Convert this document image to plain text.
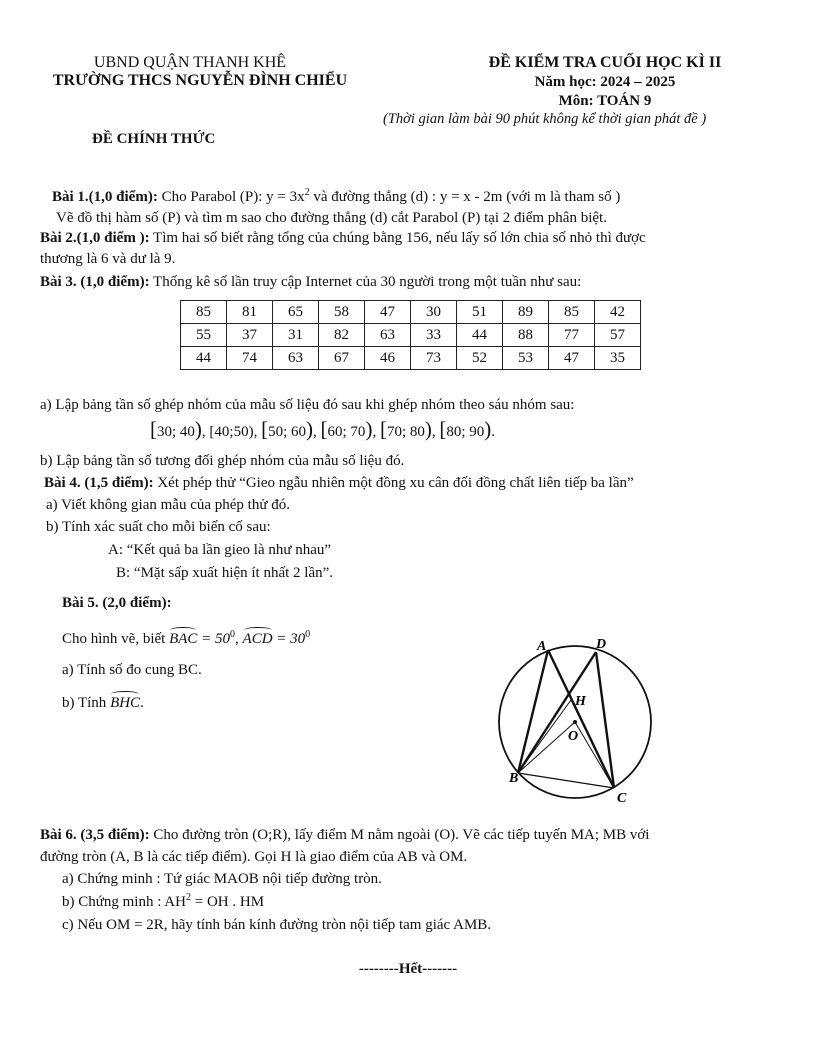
UBND QUẬN THANH KHÊ
TRƯỜNG THCS NGUYỄN ĐÌNH CHIỂU
ĐỀ KIỂM TRA CUỐI HỌC KÌ II
Năm học: 2024 – 2025
Môn: TOÁN 9
(Thời gian làm bài 90 phút không kể thời gian phát đề )
ĐỀ CHÍNH THỨC
Bài 1.(1,0 điểm): Cho Parabol (P): $y = 3x^2$ và đường thẳng (d) : y = x - 2m (với m là tham số )
Vẽ đồ thị hàm số (P) và tìm m sao cho đường thẳng (d) cắt Parabol (P) tại 2 điểm phân biệt.
Bài 2.(1,0 điểm ): Tìm hai số biết rằng tổng của chúng bằng 156, nếu lấy số lớn chia số nhỏ thì được
thương là 6 và dư là 9.
Bài 3. (1,0 điểm): Thống kê số lần truy cập Internet của 30 người trong một tuần như sau:
85	81	65	58	47	30	51	89	85	42
55	37	31	82	63	33	44	88	77	57
44	74	63	67	46	73	52	53	47	35
a) Lập bảng tần số ghép nhóm của mẫu số liệu đó sau khi ghép nhóm theo sáu nhóm sau:
[30; 40), [40;50), [50; 60), [60; 70), [70; 80), [80; 90).
b) Lập bảng tần số tương đối ghép nhóm của mẫu số liệu đó.
Bài 4. (1,5 điểm): Xét phép thử “Gieo ngẫu nhiên một đồng xu cân đối đồng chất liên tiếp ba lần”
a) Viết không gian mẫu của phép thử đó.
b) Tính xác suất cho mỗi biến cố sau:
A: “Kết quả ba lần gieo là như nhau”
B: “Mặt sấp xuất hiện ít nhất 2 lần”.
Bài 5. (2,0 điểm):
Cho hình vẽ, biết BAC = $50^0$, ACD = $30^0$
a) Tính số đo cung BC.
b) Tính BHC.
A	D
H
O
B
C
Bài 6. (3,5 điểm): Cho đường tròn (O;R), lấy điểm M nằm ngoài (O). Vẽ các tiếp tuyến MA; MB với
đường tròn (A, B là các tiếp điểm). Gọi H là giao điểm của AB và OM.
a) Chứng minh : Tứ giác MAOB nội tiếp đường tròn.
b) Chứng minh : $AH^2$ = OH . HM
c) Nếu OM = 2R, hãy tính bán kính đường tròn nội tiếp tam giác AMB.
--------Hết-------
